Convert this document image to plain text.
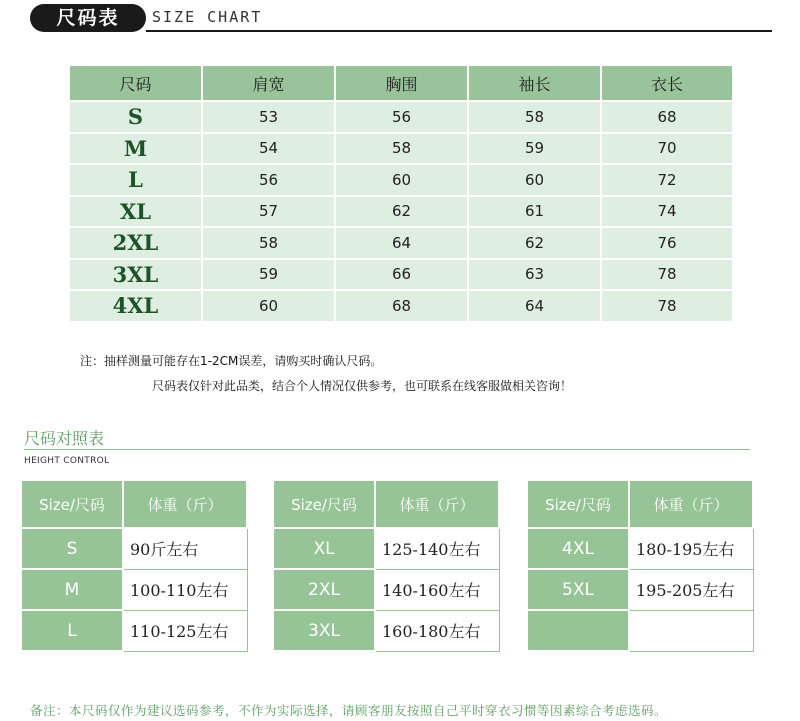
尺码表	SIZE CHART
尺码	肩宽	胸围	袖长	衣长
S	53	56	58	68
M	54	58	59	70
L	56	60	60	72
XL	57	62	61	74
2XL	58	64	62	76
3XL	59	66	63	78
4XL	60	68	64	78
注：抽样测量可能存在1-2CM误差，请购买时确认尺码。
尺码表仅针对此品类，结合个人情况仅供参考，也可联系在线客服做相关咨询！
尺码对照表
HEIGHT CONTROL
Size/尺码	体重（斤）
S	90斤左右
M	100-110左右
L	110-125左右
Size/尺码	体重（斤）
XL	125-140左右
2XL	140-160左右
3XL	160-180左右
Size/尺码	体重（斤）
4XL	180-195左右
5XL	195-205左右

备注：本尺码仅作为建议选码参考，不作为实际选择，请顾客朋友按照自己平时穿衣习惯等因素综合考虑选码。
